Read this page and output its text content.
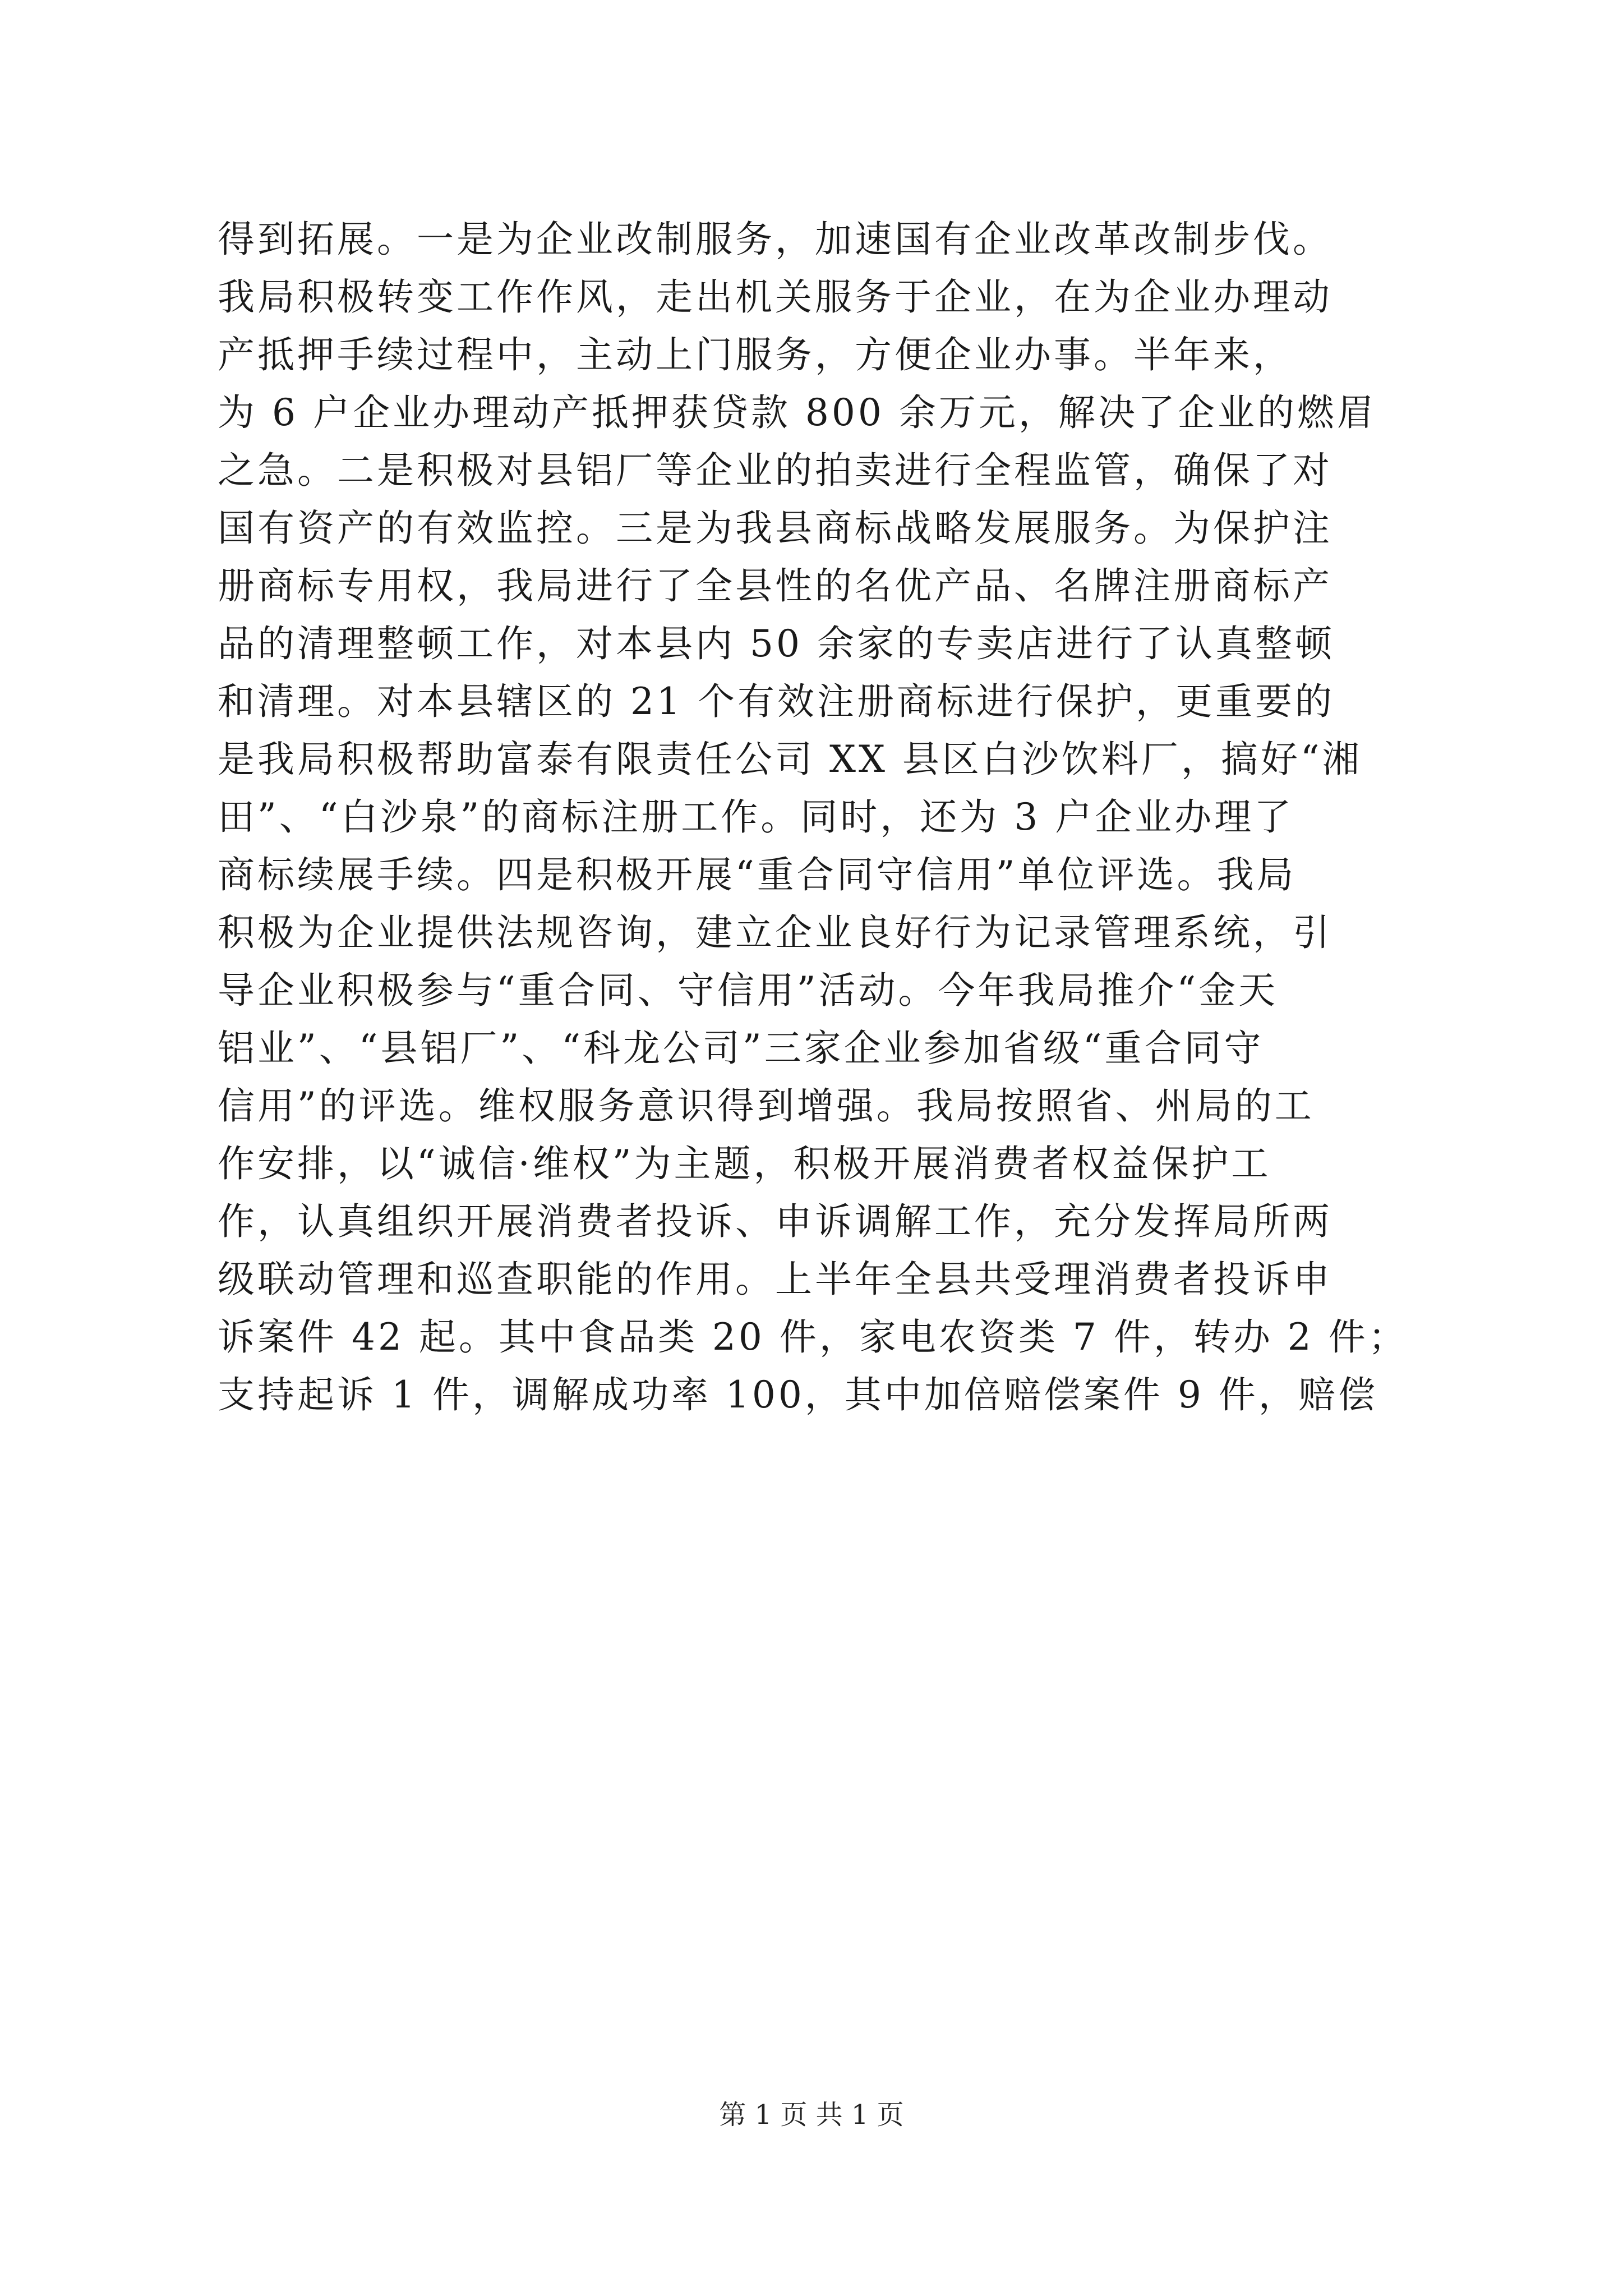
得到拓展。一是为企业改制服务，加速国有企业改革改制步伐。
我局积极转变工作作风，走出机关服务于企业，在为企业办理动
产抵押手续过程中，主动上门服务，方便企业办事。半年来，
为 6 户企业办理动产抵押获贷款 800 余万元，解决了企业的燃眉
之急。二是积极对县铝厂等企业的拍卖进行全程监管，确保了对
国有资产的有效监控。三是为我县商标战略发展服务。为保护注
册商标专用权，我局进行了全县性的名优产品、名牌注册商标产
品的清理整顿工作，对本县内 50 余家的专卖店进行了认真整顿
和清理。对本县辖区的 21 个有效注册商标进行保护，更重要的
是我局积极帮助富泰有限责任公司 XX 县区白沙饮料厂，搞好“湘
田”、“白沙泉”的商标注册工作。同时，还为 3 户企业办理了
商标续展手续。四是积极开展“重合同守信用”单位评选。我局
积极为企业提供法规咨询，建立企业良好行为记录管理系统，引
导企业积极参与“重合同、守信用”活动。今年我局推介“金天
铝业”、“县铝厂”、“科龙公司”三家企业参加省级“重合同守
信用”的评选。维权服务意识得到增强。我局按照省、州局的工
作安排，以“诚信·维权”为主题，积极开展消费者权益保护工
作，认真组织开展消费者投诉、申诉调解工作，充分发挥局所两
级联动管理和巡查职能的作用。上半年全县共受理消费者投诉申
诉案件 42 起。其中食品类 20 件，家电农资类 7 件，转办 2 件；
支持起诉 1 件，调解成功率 100，其中加倍赔偿案件 9 件，赔偿
第 1 页 共 1 页
